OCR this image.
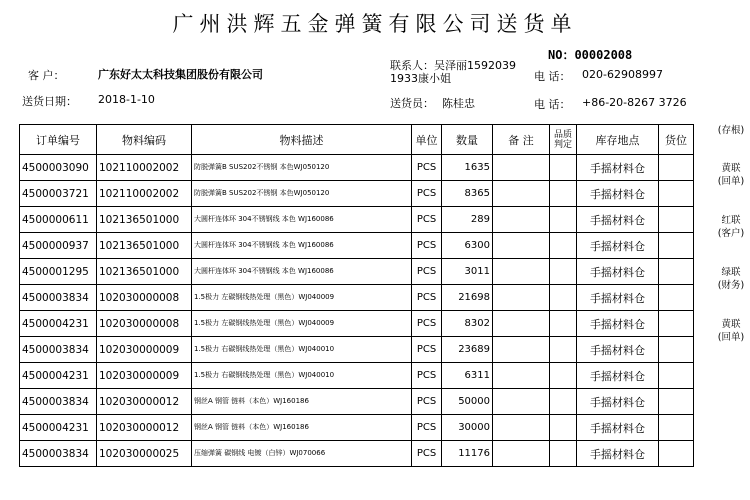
广州洪辉五金弹簧有限公司送货单
NO：00002008
客 户：	广东好太太科技集团股份有限公司
联系人：吴泽丽1592039
1933康小姐	电 话： 020-62908997
送货日期： 2018-1-10	送货员： 陈桂忠	电 话： +86-20-8267 3726
订单编号	物料编码	物料描述	单位	数量	备 注	品质判定	库存地点	货位
4500003090	102110002002	防脱弹簧B SUS202不锈钢 本色WJ050120	PCS	1635			手摇材料仓	
4500003721	102110002002	防脱弹簧B SUS202不锈钢 本色WJ050120	PCS	8365			手摇材料仓	
4500000611	102136501000	大圆杆连体环 304不锈钢线 本色 WJ160086	PCS	289			手摇材料仓	
4500000937	102136501000	大圆杆连体环 304不锈钢线 本色 WJ160086	PCS	6300			手摇材料仓	
4500001295	102136501000	大圆杆连体环 304不锈钢线 本色 WJ160086	PCS	3011			手摇材料仓	
4500003834	102030000008	1.5极力 左碳钢线热处理（黑色）WJ040009	PCS	21698			手摇材料仓	
4500004231	102030000008	1.5极力 左碳钢线热处理（黑色）WJ040009	PCS	8302			手摇材料仓	
4500003834	102030000009	1.5极力 右碳钢线热处理（黑色）WJ040010	PCS	23689			手摇材料仓	
4500004231	102030000009	1.5极力 右碳钢线热处理（黑色）WJ040010	PCS	6311			手摇材料仓	
4500003834	102030000012	钢丝A 钢管 链料（本色）WJ160186	PCS	50000			手摇材料仓	
4500004231	102030000012	钢丝A 钢管 链料（本色）WJ160186	PCS	30000			手摇材料仓	
4500003834	102030000025	压缩弹簧 碳钢线 电镀（白锌）WJ070066	PCS	11176			手摇材料仓	
(存根)
黄联
(回单)
红联
(客户)
绿联
(财务)
黄联
(回单)
